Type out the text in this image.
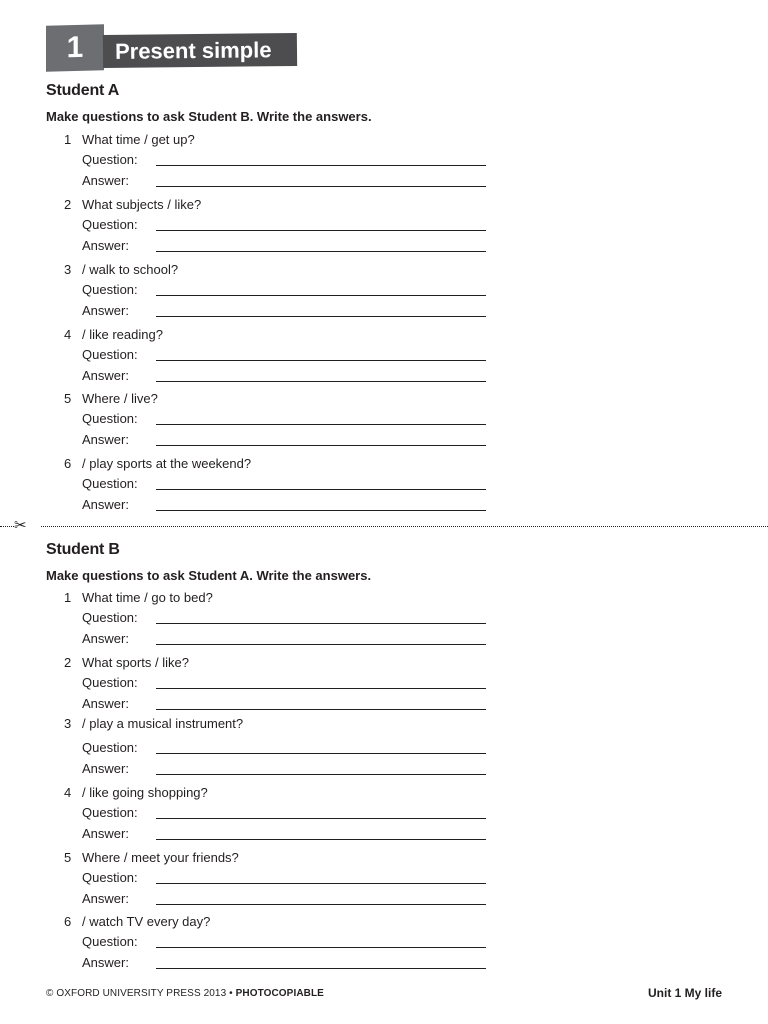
1	Present simple
Student A
Make questions to ask Student B. Write the answers.
1 What time / get up?
Question:
Answer:
2 What subjects / like?
Question:
Answer:
3 / walk to school?
Question:
Answer:
4 / like reading?
Question:
Answer:
5 Where / live?
Question:
Answer:
6 / play sports at the weekend?
Question:
Answer:
✂
Student B
Make questions to ask Student A. Write the answers.
1 What time / go to bed?
Question:
Answer:
2 What sports / like?
Question:
Answer:
3 / play a musical instrument?
Question:
Answer:
4 / like going shopping?
Question:
Answer:
5 Where / meet your friends?
Question:
Answer:
6 / watch TV every day?
Question:
Answer:
© OXFORD UNIVERSITY PRESS 2013 • PHOTOCOPIABLE	Unit 1 My life
